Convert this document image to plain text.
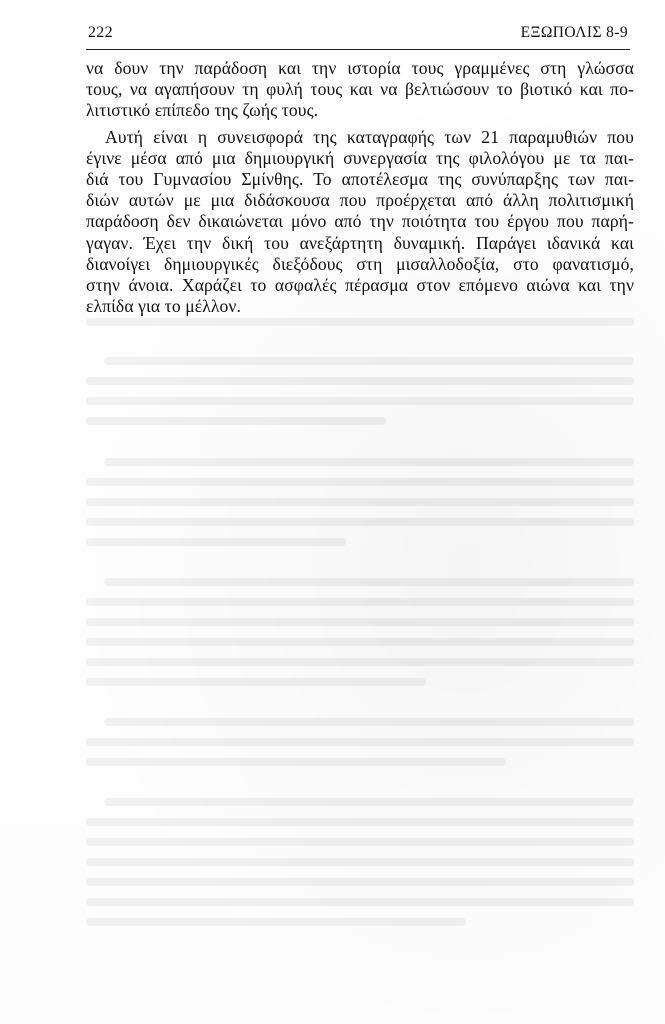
222	ΕΞΩΠΟΛΙΣ 8-9
να δουν την παράδοση και την ιστορία τους γραμμένες στη γλώσσα
τους, να αγαπήσουν τη φυλή τους και να βελτιώσουν το βιοτικό και πο-
λιτιστικό επίπεδο της ζωής τους.
Αυτή είναι η συνεισφορά της καταγραφής των 21 παραμυθιών που
έγινε μέσα από μια δημιουργική συνεργασία της φιλολόγου με τα παι-
διά του Γυμνασίου Σμίνθης. Το αποτέλεσμα της συνύπαρξης των παι-
διών αυτών με μια διδάσκουσα που προέρχεται από άλλη πολιτισμική
παράδοση δεν δικαιώνεται μόνο από την ποιότητα του έργου που παρή-
γαγαν. Έχει την δική του ανεξάρτητη δυναμική. Παράγει ιδανικά και
διανοίγει δημιουργικές διεξόδους στη μισαλλοδοξία, στο φανατισμό,
στην άνοια. Χαράζει το ασφαλές πέρασμα στον επόμενο αιώνα και την
ελπίδα για το μέλλον.
